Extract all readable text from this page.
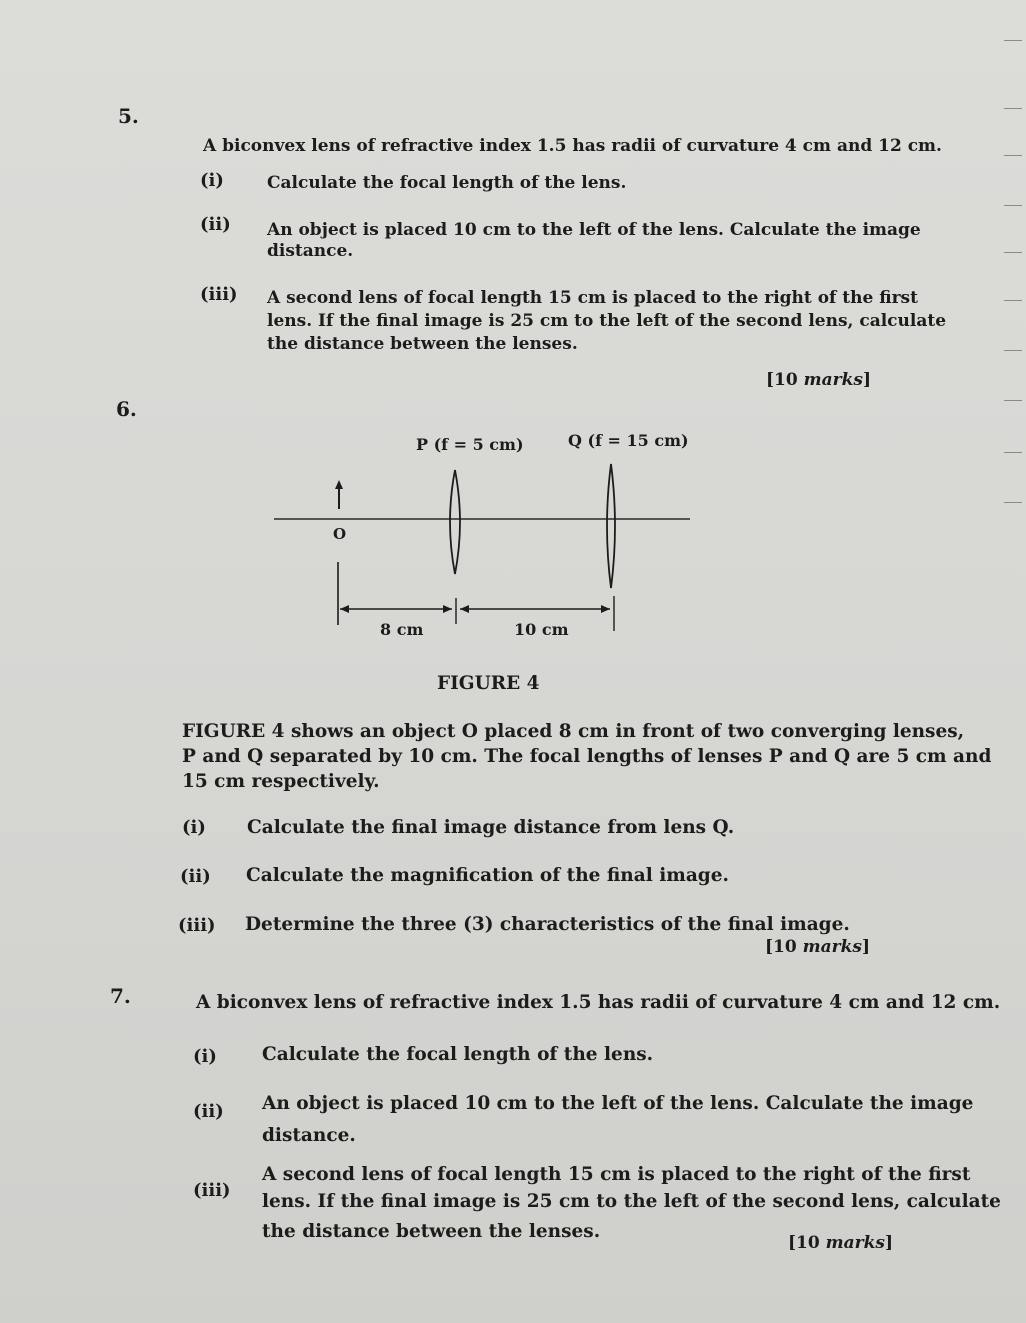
5.
A biconvex lens of refractive index 1.5 has radii of curvature 4 cm and 12 cm.
(i)	Calculate the focal length of the lens.
(ii) An object is placed 10 cm to the left of the lens. Calculate the image
distance.
(iii) A second lens of focal length 15 cm is placed to the right of the first
lens. If the final image is 25 cm to the left of the second lens, calculate
the distance between the lenses.
[10 marks]
6.
O
P (f = 5 cm)	Q (f = 15 cm)
8 cm	10 cm
FIGURE 4
FIGURE 4 shows an object O placed 8 cm in front of two converging lenses,
P and Q separated by 10 cm. The focal lengths of lenses P and Q are 5 cm and
15 cm respectively.
(i) Calculate the final image distance from lens Q.
(ii) Calculate the magnification of the final image.
(iii) Determine the three (3) characteristics of the final image.
[10 marks]
7.	A biconvex lens of refractive index 1.5 has radii of curvature 4 cm and 12 cm.
(i) Calculate the focal length of the lens.
(ii) An object is placed 10 cm to the left of the lens. Calculate the image
distance.
(iii)
A second lens of focal length 15 cm is placed to the right of the first
lens. If the final image is 25 cm to the left of the second lens, calculate
the distance between the lenses.
[10 marks]
